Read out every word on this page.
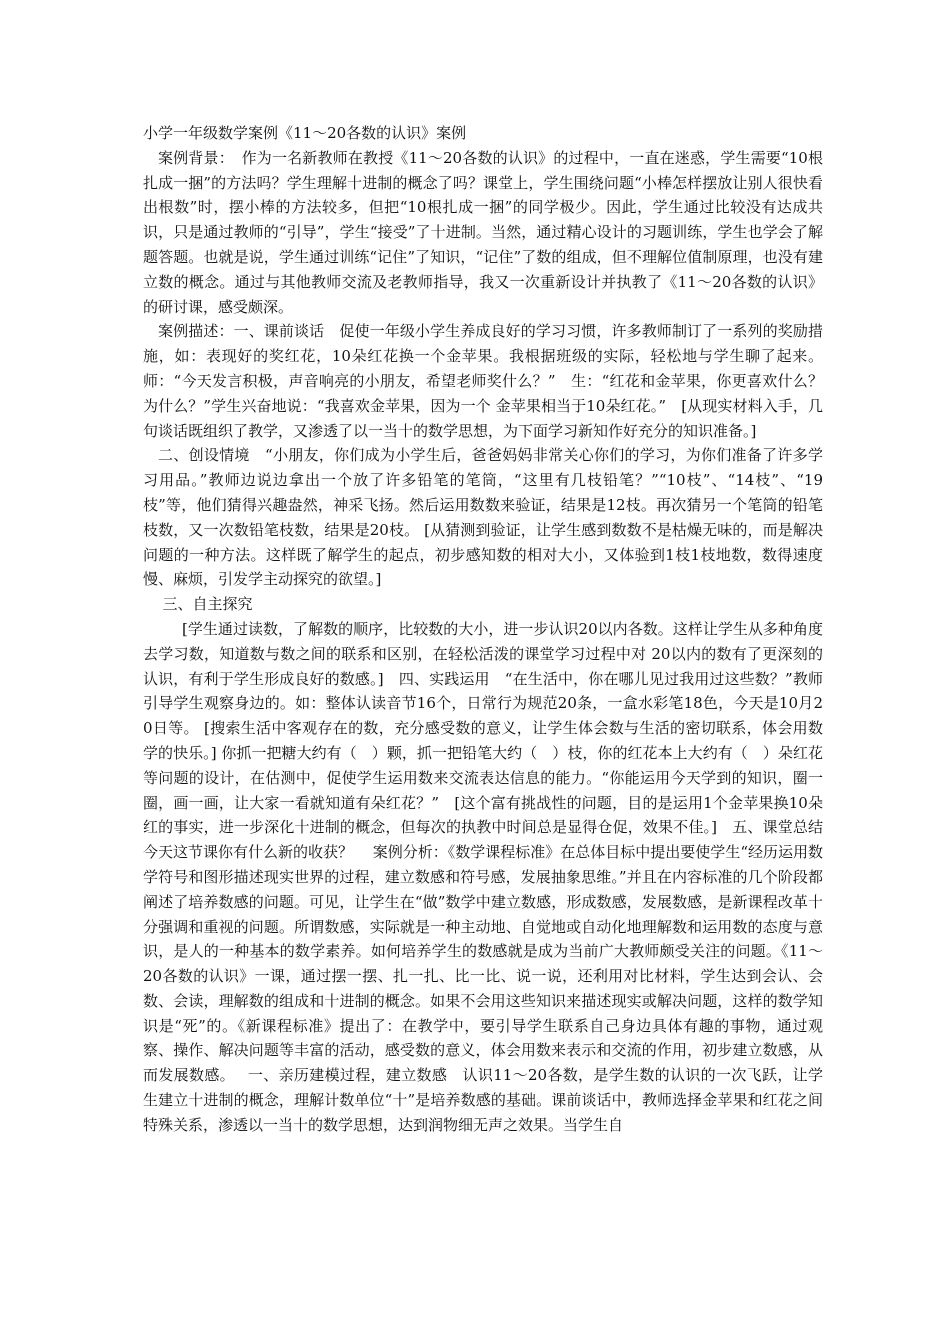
小学一年级数学案例《11～20各数的认识》案例

案例背景：　作为一名新教师在教授《11～20各数的认识》的过程中，一直在迷惑，学生需要“10根扎成一捆”的方法吗？学生理解十进制的概念了吗？课堂上，学生围绕问题“小棒怎样摆放让别人很快看出根数”时，摆小棒的方法较多，但把“10根扎成一捆”的同学极少。因此，学生通过比较没有达成共识，只是通过教师的“引导”，学生“接受”了十进制。当然，通过精心设计的习题训练，学生也学会了解题答题。也就是说，学生通过训练“记住”了知识，“记住”了数的组成，但不理解位值制原理，也没有建立数的概念。通过与其他教师交流及老教师指导，我又一次重新设计并执教了《11～20各数的认识》的研讨课，感受颇深。

案例描述：一、课前谈话　促使一年级小学生养成良好的学习习惯，许多教师制订了一系列的奖励措施，如：表现好的奖红花，10朵红花换一个金苹果。我根据班级的实际，轻松地与学生聊了起来。师：“今天发言积极，声音响亮的小朋友，希望老师奖什么？”　生：“红花和金苹果，你更喜欢什么？为什么？”学生兴奋地说：“我喜欢金苹果，因为一个 金苹果相当于10朵红花。”　[从现实材料入手，几句谈话既组织了教学，又渗透了以一当十的数学思想，为下面学习新知作好充分的知识准备。]

二、创设情境　“小朋友，你们成为小学生后，爸爸妈妈非常关心你们的学习，为你们准备了许多学习用品。”教师边说边拿出一个放了许多铅笔的笔筒，“这里有几枝铅笔？”“10枝”、“14枝”、“19枝”等，他们猜得兴趣盎然，神采飞扬。然后运用数数来验证，结果是12枝。再次猜另一个笔筒的铅笔枝数，又一次数铅笔枝数，结果是20枝。 [从猜测到验证，让学生感到数数不是枯燥无味的，而是解决问题的一种方法。这样既了解学生的起点，初步感知数的相对大小，又体验到1枝1枝地数，数得速度慢、麻烦，引发学主动探究的欲望。]

三、自主探究

[学生通过读数，了解数的顺序，比较数的大小，进一步认识20以内各数。这样让学生从多种角度去学习数，知道数与数之间的联系和区别，在轻松活泼的课堂学习过程中对 20以内的数有了更深刻的认识，有利于学生形成良好的数感。]　四、实践运用　“在生活中，你在哪儿见过我用过这些数？”教师引导学生观察身边的。如：整体认读音节16个，日常行为规范20条，一盒水彩笔18色，今天是10月20日等。 [搜索生活中客观存在的数，充分感受数的意义，让学生体会数与生活的密切联系，体会用数学的快乐。] 你抓一把糖大约有（　）颗，抓一把铅笔大约（　）枝，你的红花本上大约有（　）朵红花等问题的设计，在估测中，促使学生运用数来交流表达信息的能力。“你能运用今天学到的知识，圈一圈，画一画，让大家一看就知道有朵红花？”　[这个富有挑战性的问题，目的是运用1个金苹果换10朵红的事实，进一步深化十进制的概念，但每次的执教中时间总是显得仓促，效果不佳。]　五、课堂总结　今天这节课你有什么新的收获？　 案例分析：《数学课程标准》在总体目标中提出要使学生“经历运用数学符号和图形描述现实世界的过程，建立数感和符号感，发展抽象思维。”并且在内容标准的几个阶段都阐述了培养数感的问题。可见，让学生在“做”数学中建立数感，形成数感，发展数感，是新课程改革十分强调和重视的问题。所谓数感，实际就是一种主动地、自觉地或自动化地理解数和运用数的态度与意识，是人的一种基本的数学素养。如何培养学生的数感就是成为当前广大教师颇受关注的问题。《11～20各数的认识》一课，通过摆一摆、扎一扎、比一比、说一说，还利用对比材料，学生达到会认、会数、会读，理解数的组成和十进制的概念。如果不会用这些知识来描述现实或解决问题，这样的数学知识是“死”的。《新课程标准》提出了：在教学中，要引导学生联系自己身边具体有趣的事物，通过观察、操作、解决问题等丰富的活动，感受数的意义，体会用数来表示和交流的作用，初步建立数感，从而发展数感。　 一、亲历建模过程，建立数感　认识11～20各数，是学生数的认识的一次飞跃，让学生建立十进制的概念，理解计数单位“十”是培养数感的基础。课前谈话中，教师选择金苹果和红花之间特殊关系，渗透以一当十的数学思想，达到润物细无声之效果。当学生自
